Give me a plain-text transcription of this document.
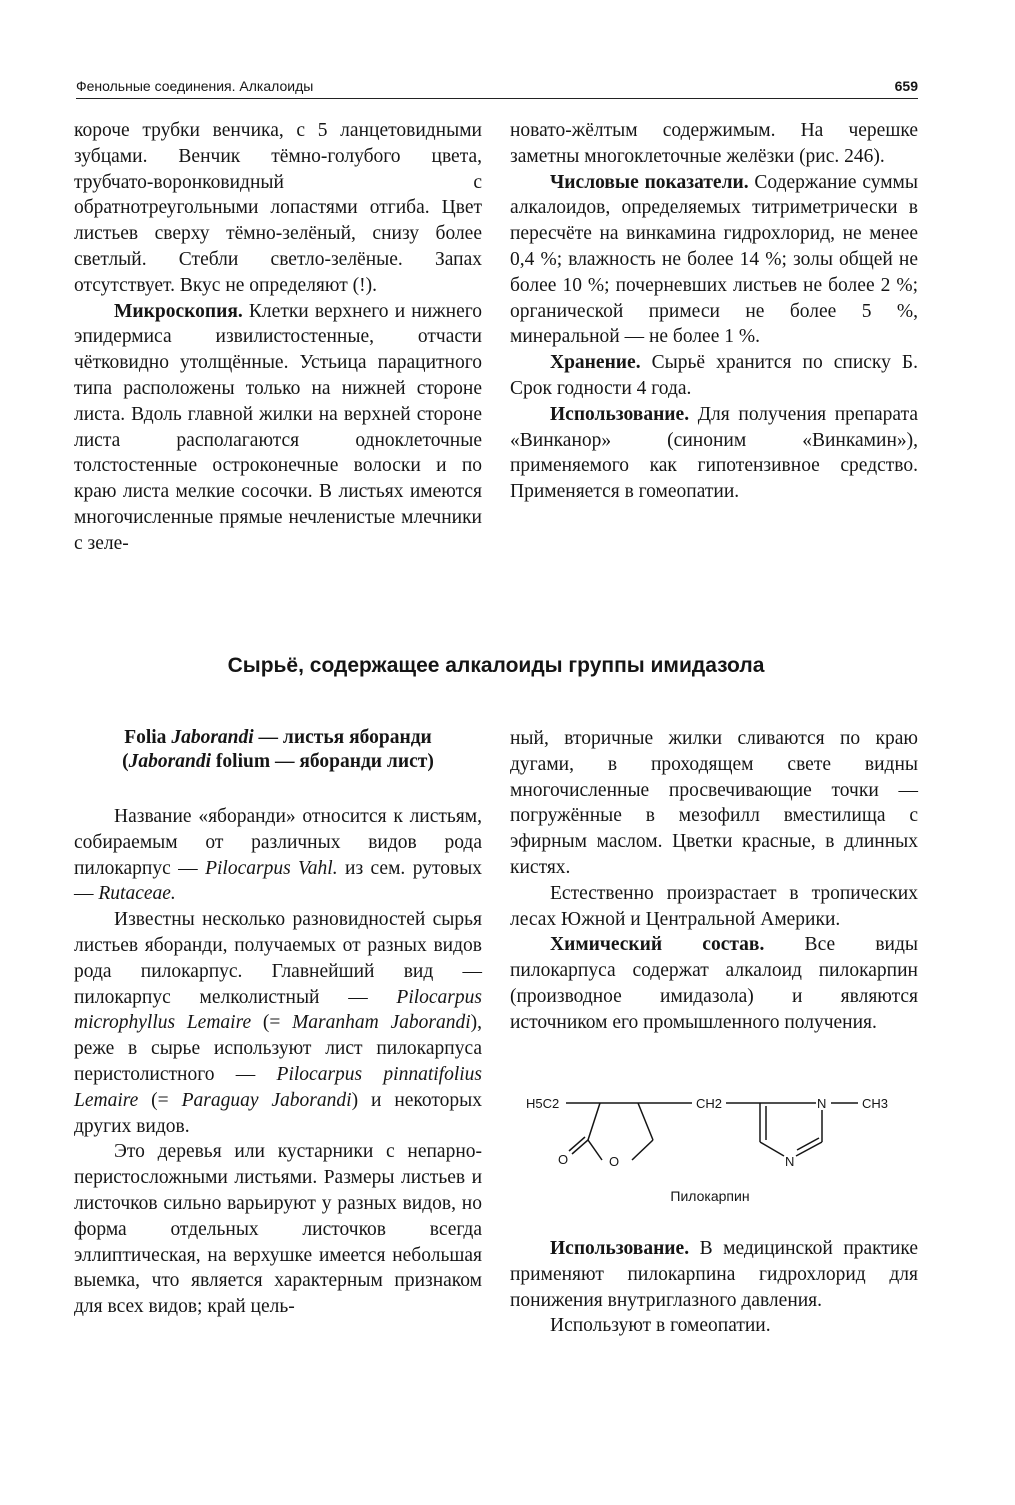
Фенольные соединения. Алкалоиды	659

короче трубки венчика, с 5 ланцетовидными зубцами. Венчик тёмно-голубого цвета, трубчато-воронковидный с обратнотреугольными лопастями отгиба. Цвет листьев сверху тёмно-зелёный, снизу более светлый. Стебли светло-зелёные. Запах отсутствует. Вкус не определяют (!).

Микроскопия. Клетки верхнего и нижнего эпидермиса извилистостенные, отчасти чётковидно утолщённые. Устьица парацитного типа расположены только на нижней стороне листа. Вдоль главной жилки на верхней стороне листа располагаются одноклеточные толстостенные остроконечные волоски и по краю листа мелкие сосочки. В листьях имеются многочисленные прямые нечленистые млечники с зеле-

новато-жёлтым содержимым. На черешке заметны многоклеточные желёзки (рис. 246).

Числовые показатели. Содержание суммы алкалоидов, определяемых титриметрически в пересчёте на винкамина гидрохлорид, не менее 0,4 %; влажность не более 14 %; золы общей не более 10 %; почерневших листьев не более 2 %; органической примеси не более 5 %, минеральной — не более 1 %.

Хранение. Сырьё хранится по списку Б. Срок годности 4 года.

Использование. Для получения препарата «Винканор» (синоним «Винкамин»), применяемого как гипотензивное средство. Применяется в гомеопатии.

Сырьё, содержащее алкалоиды группы имидазола
Folia Jaborandi — листья яборанди
(Jaborandi folium — яборанди лист)

Название «яборанди» относится к листьям, собираемым от различных видов рода пилокарпус — Pilocarpus Vahl. из сем. рутовых — Rutaceae.

Известны несколько разновидностей сырья листьев яборанди, получаемых от разных видов рода пилокарпус. Главнейший вид — пилокарпус мелколистный — Pilocarpus microphyllus Lemaire (= Maranham Jaborandi), реже в сырье используют лист пилокарпуса перистолистного — Pilocarpus pinnatifolius Lemaire (= Paraguay Jaborandi) и некоторых других видов.

Это деревья или кустарники с непарно-перистосложными листьями. Размеры листьев и листочков сильно варьируют у разных видов, но форма отдельных листочков всегда эллиптическая, на верхушке имеется небольшая выемка, что является характерным признаком для всех видов; край цель-

ный, вторичные жилки сливаются по краю дугами, в проходящем свете видны многочисленные просвечивающие точки — погружённые в мезофилл вместилища с эфирным маслом. Цветки красные, в длинных кистях.

Естественно произрастает в тропических лесах Южной и Центральной Америки.

Химический состав. Все виды пилокарпуса содержат алкалоид пилокарпин (производное имидазола) и являются источником его промышленного получения.

H5C2
O
O
CH2
N
N	CH3
Пилокарпин

Использование. В медицинской практике применяют пилокарпина гидрохлорид для понижения внутриглазного давления.

Используют в гомеопатии.
